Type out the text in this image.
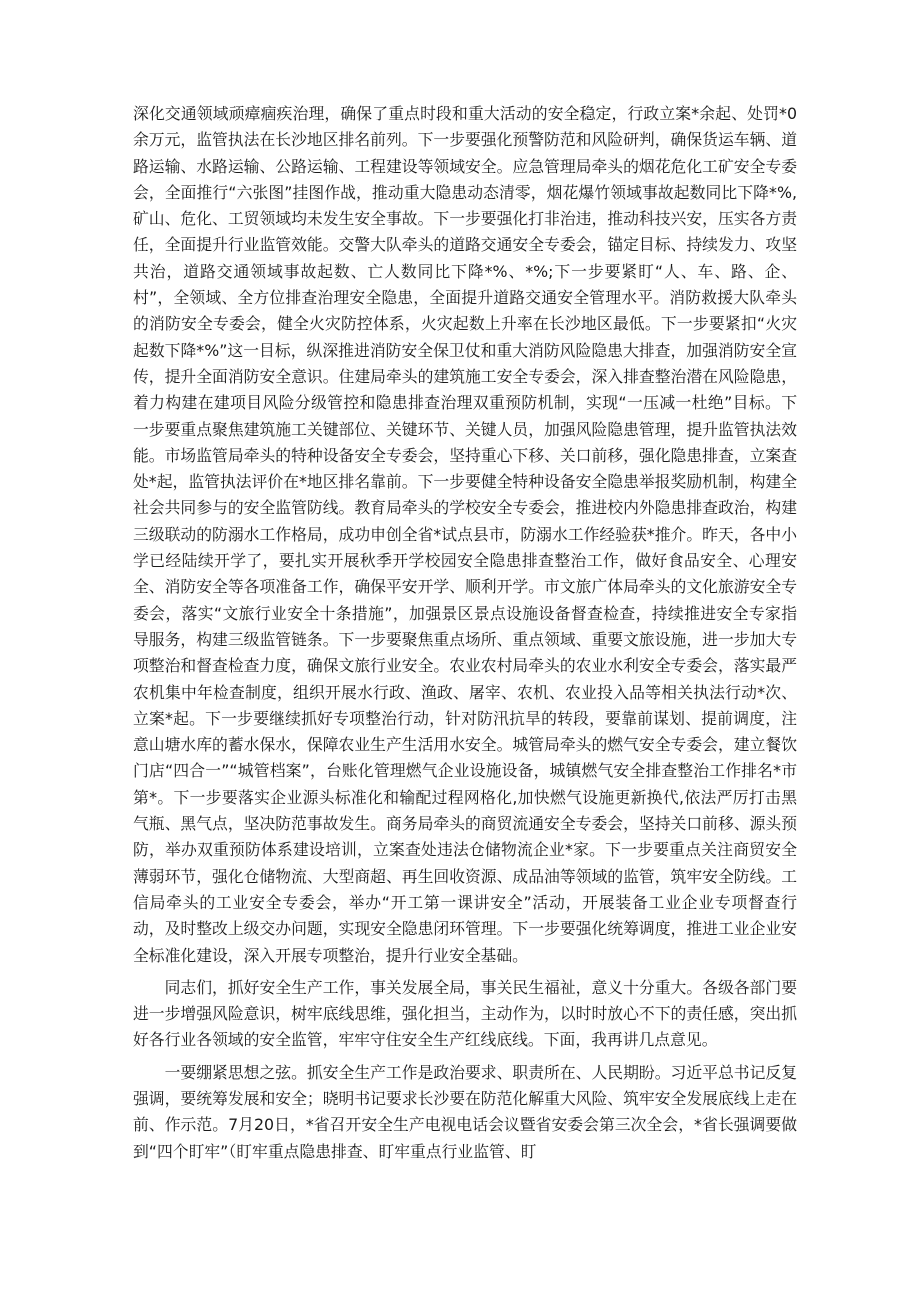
深化交通领域顽瘴痼疾治理，确保了重点时段和重大活动的安全稳定，行政立案*余起、处罚*0余万元，监管执法在长沙地区排名前列。下一步要强化预警防范和风险研判，确保货运车辆、道路运输、水路运输、公路运输、工程建设等领域安全。应急管理局牵头的烟花危化工矿安全专委会，全面推行“六张图”挂图作战，推动重大隐患动态清零，烟花爆竹领域事故起数同比下降*%,矿山、危化、工贸领域均未发生安全事故。下一步要强化打非治违，推动科技兴安，压实各方责任，全面提升行业监管效能。交警大队牵头的道路交通安全专委会，锚定目标、持续发力、攻坚共治，道路交通领域事故起数、亡人数同比下降*%、*%;下一步要紧盯“人、车、路、企、村”，全领域、全方位排查治理安全隐患，全面提升道路交通安全管理水平。消防救援大队牵头的消防安全专委会，健全火灾防控体系，火灾起数上升率在长沙地区最低。下一步要紧扣“火灾起数下降*%”这一目标，纵深推进消防安全保卫仗和重大消防风险隐患大排查，加强消防安全宣传，提升全面消防安全意识。住建局牵头的建筑施工安全专委会，深入排查整治潜在风险隐患，着力构建在建项目风险分级管控和隐患排查治理双重预防机制，实现“一压减一杜绝”目标。下一步要重点聚焦建筑施工关键部位、关键环节、关键人员，加强风险隐患管理，提升监管执法效能。市场监管局牵头的特种设备安全专委会，坚持重心下移、关口前移，强化隐患排查，立案查处*起，监管执法评价在*地区排名靠前。下一步要健全特种设备安全隐患举报奖励机制，构建全社会共同参与的安全监管防线。教育局牵头的学校安全专委会，推进校内外隐患排查政治，构建三级联动的防溺水工作格局，成功申创全省*试点县市，防溺水工作经验获*推介。昨天，各中小学已经陆续开学了，要扎实开展秋季开学校园安全隐患排查整治工作，做好食品安全、心理安全、消防安全等各项准备工作，确保平安开学、顺利开学。市文旅广体局牵头的文化旅游安全专委会，落实“文旅行业安全十条措施”，加强景区景点设施设备督查检查，持续推进安全专家指导服务，构建三级监管链条。下一步要聚焦重点场所、重点领域、重要文旅设施，进一步加大专项整治和督查检查力度，确保文旅行业安全。农业农村局牵头的农业水利安全专委会，落实最严农机集中年检查制度，组织开展水行政、渔政、屠宰、农机、农业投入品等相关执法行动*次、立案*起。下一步要继续抓好专项整治行动，针对防汛抗旱的转段，要靠前谋划、提前调度，注意山塘水库的蓄水保水，保障农业生产生活用水安全。城管局牵头的燃气安全专委会，建立餐饮门店“四合一”“城管档案”，台账化管理燃气企业设施设备，城镇燃气安全排查整治工作排名*市第*。下一步要落实企业源头标准化和输配过程网格化,加快燃气设施更新换代,依法严厉打击黑气瓶、黑气点，坚决防范事故发生。商务局牵头的商贸流通安全专委会，坚持关口前移、源头预防，举办双重预防体系建设培训，立案查处违法仓储物流企业*家。下一步要重点关注商贸安全薄弱环节，强化仓储物流、大型商超、再生回收资源、成品油等领域的监管，筑牢安全防线。工信局牵头的工业安全专委会，举办“开工第一课讲安全”活动，开展装备工业企业专项督查行动，及时整改上级交办问题，实现安全隐患闭环管理。下一步要强化统筹调度，推进工业企业安全标准化建设，深入开展专项整治，提升行业安全基础。

同志们，抓好安全生产工作，事关发展全局，事关民生福祉，意义十分重大。各级各部门要进一步增强风险意识，树牢底线思维，强化担当，主动作为，以时时放心不下的责任感，突出抓好各行业各领域的安全监管，牢牢守住安全生产红线底线。下面，我再讲几点意见。

一要绷紧思想之弦。抓安全生产工作是政治要求、职责所在、人民期盼。习近平总书记反复强调，要统筹发展和安全；晓明书记要求长沙要在防范化解重大风险、筑牢安全发展底线上走在前、作示范。7月20日，*省召开安全生产电视电话会议暨省安委会第三次全会，*省长强调要做到“四个盯牢”（盯牢重点隐患排查、盯牢重点行业监管、盯
